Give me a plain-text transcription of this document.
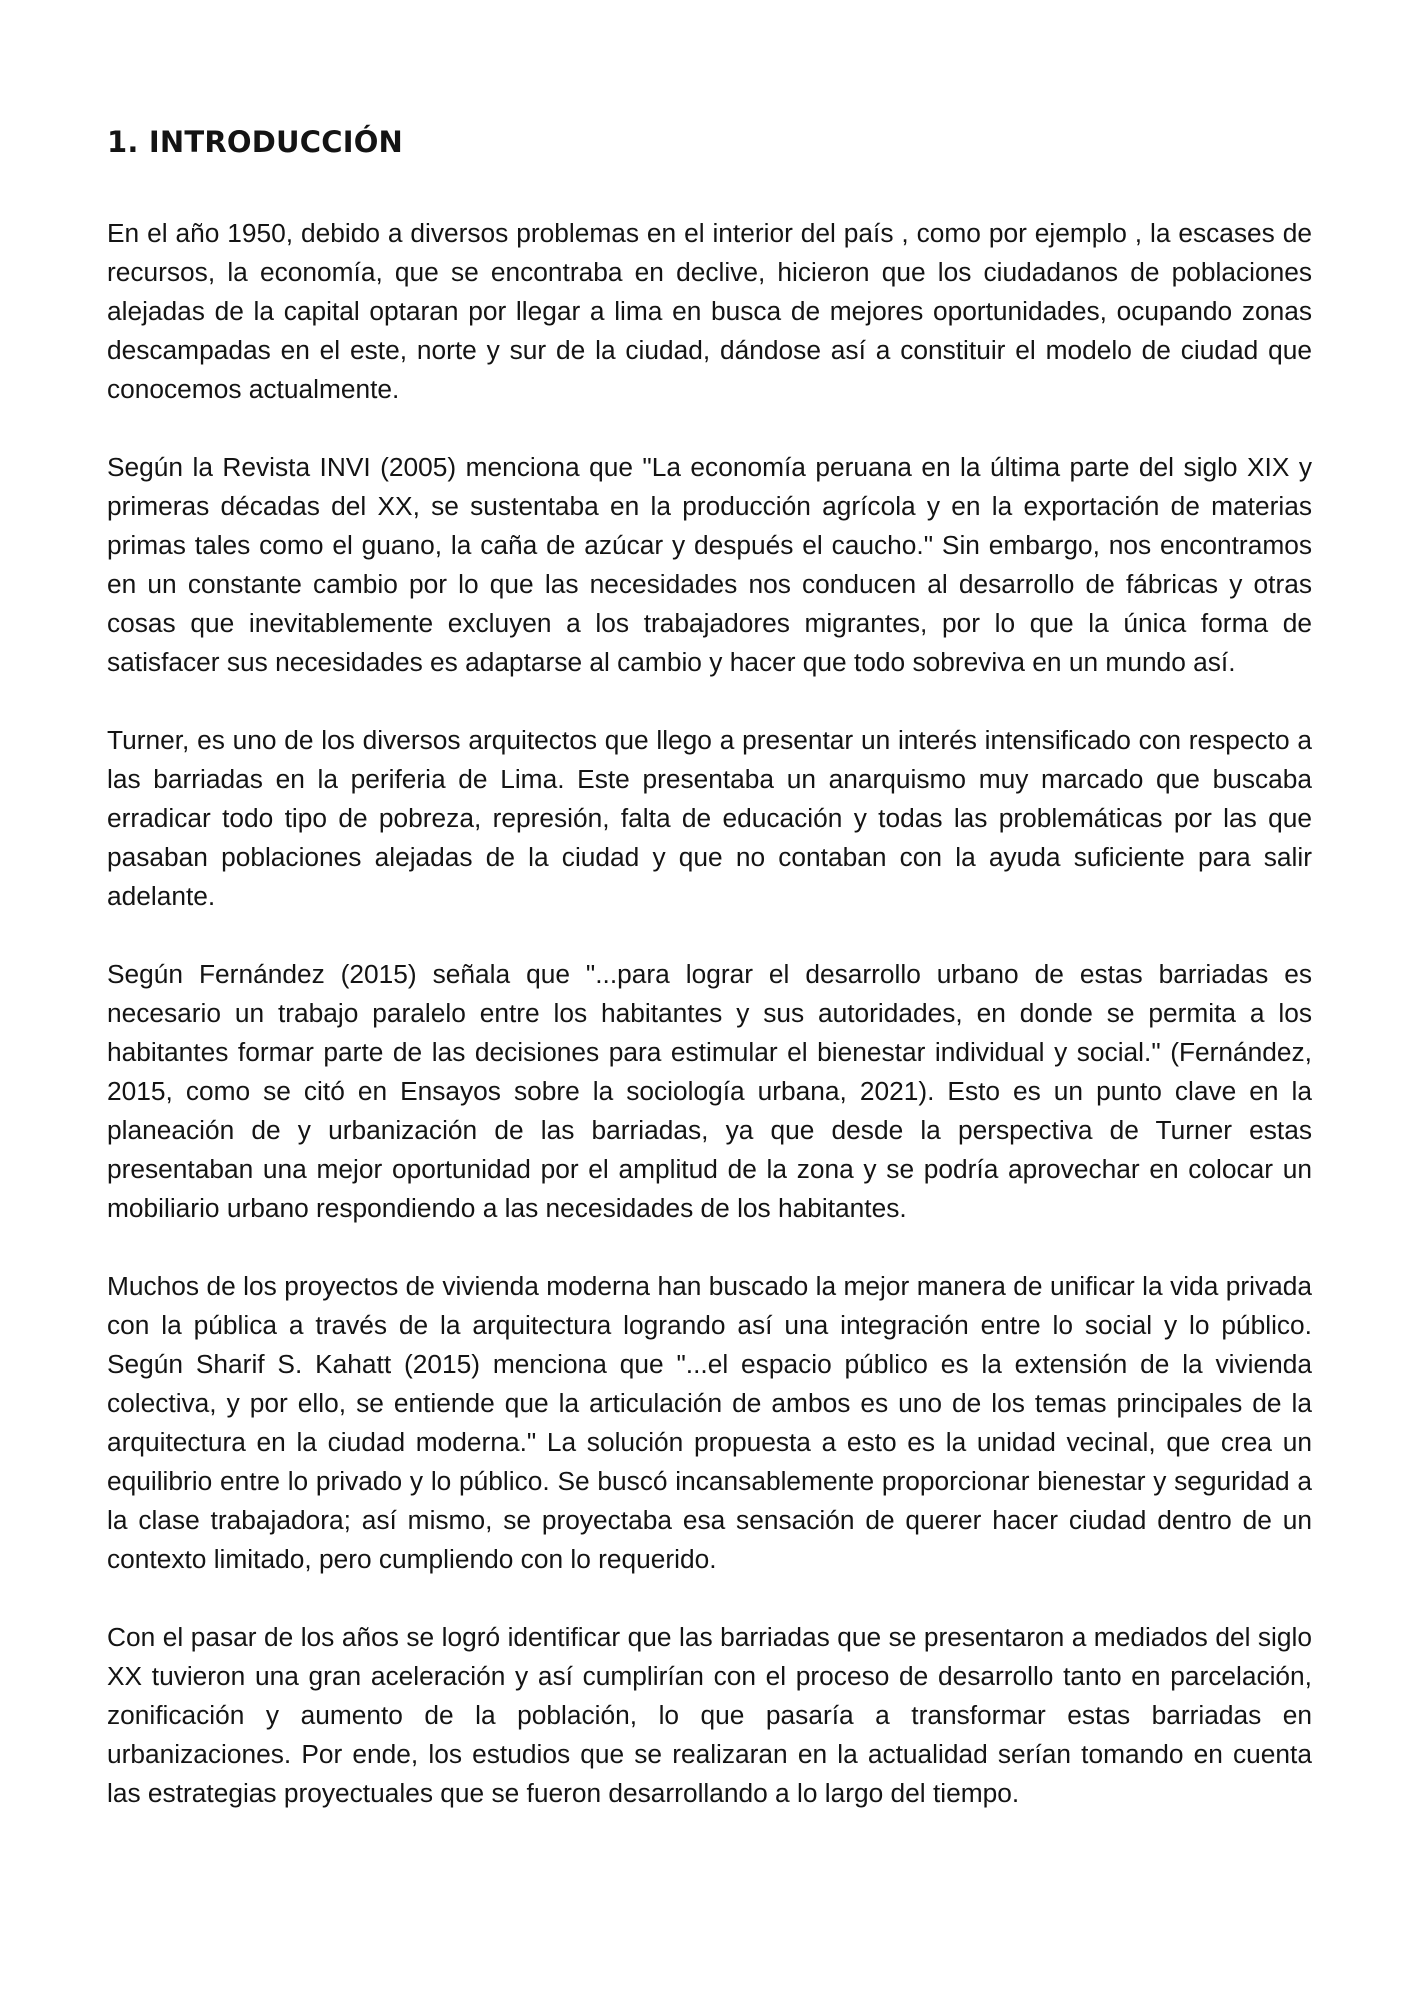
1. INTRODUCCIÓN

En el año 1950, debido a diversos problemas en el interior del país , como por ejemplo , la escases de recursos, la economía, que se encontraba en declive, hicieron que los ciudadanos de poblaciones alejadas de la capital optaran por llegar a lima en busca de mejores oportunidades, ocupando zonas descampadas en el este, norte y sur de la ciudad, dándose así a constituir el modelo de ciudad que conocemos actualmente.

Según la Revista INVI (2005) menciona que "La economía peruana en la última parte del siglo XIX y primeras décadas del XX, se sustentaba en la producción agrícola y en la exportación de materias primas tales como el guano, la caña de azúcar y después el caucho." Sin embargo, nos encontramos en un constante cambio por lo que las necesidades nos conducen al desarrollo de fábricas y otras cosas que inevitablemente excluyen a los trabajadores migrantes, por lo que la única forma de satisfacer sus necesidades es adaptarse al cambio y hacer que todo sobreviva en un mundo así.

Turner, es uno de los diversos arquitectos que llego a presentar un interés intensificado con respecto a las barriadas en la periferia de Lima. Este presentaba un anarquismo muy marcado que buscaba erradicar todo tipo de pobreza, represión, falta de educación y todas las problemáticas por las que pasaban poblaciones alejadas de la ciudad y que no contaban con la ayuda suficiente para salir adelante.

Según Fernández (2015) señala que "...para lograr el desarrollo urbano de estas barriadas es necesario un trabajo paralelo entre los habitantes y sus autoridades, en donde se permita a los habitantes formar parte de las decisiones para estimular el bienestar individual y social." (Fernández, 2015, como se citó en Ensayos sobre la sociología urbana, 2021). Esto es un punto clave en la planeación de y urbanización de las barriadas, ya que desde la perspectiva de Turner estas presentaban una mejor oportunidad por el amplitud de la zona y se podría aprovechar en colocar un mobiliario urbano respondiendo a las necesidades de los habitantes.

Muchos de los proyectos de vivienda moderna han buscado la mejor manera de unificar la vida privada con la pública a través de la arquitectura logrando así una integración entre lo social y lo público. Según Sharif S. Kahatt (2015) menciona que "...el espacio público es la extensión de la vivienda colectiva, y por ello, se entiende que la articulación de ambos es uno de los temas principales de la arquitectura en la ciudad moderna." La solución propuesta a esto es la unidad vecinal, que crea un equilibrio entre lo privado y lo público. Se buscó incansablemente proporcionar bienestar y seguridad a la clase trabajadora; así mismo, se proyectaba esa sensación de querer hacer ciudad dentro de un contexto limitado, pero cumpliendo con lo requerido.

Con el pasar de los años se logró identificar que las barriadas que se presentaron a mediados del siglo XX tuvieron una gran aceleración y así cumplirían con el proceso de desarrollo tanto en parcelación, zonificación y aumento de la población, lo que pasaría a transformar estas barriadas en urbanizaciones. Por ende, los estudios que se realizaran en la actualidad serían tomando en cuenta las estrategias proyectuales que se fueron desarrollando a lo largo del tiempo.
